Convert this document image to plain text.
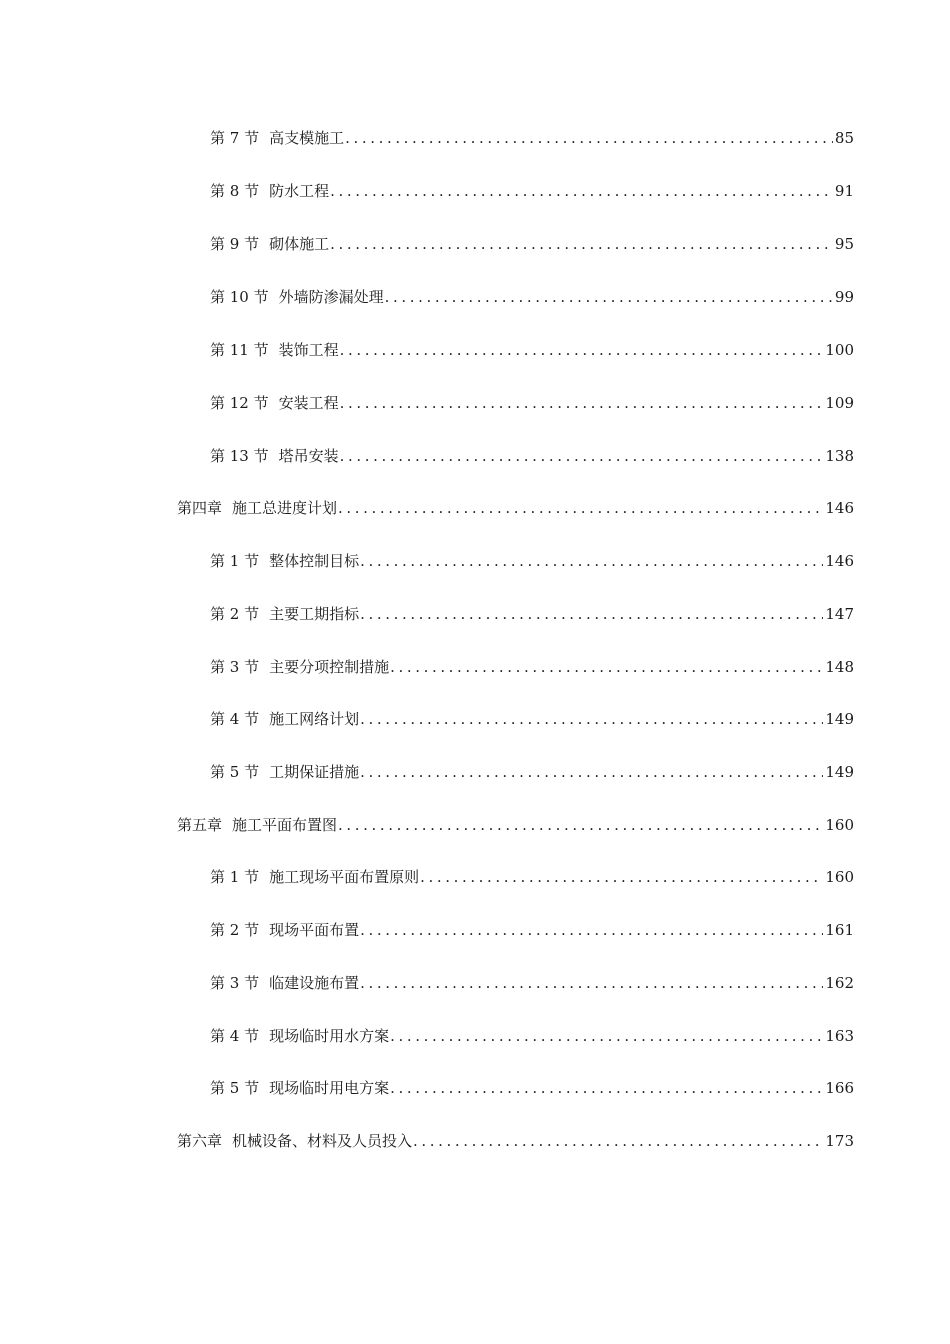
第 7 节 高支模施工 .....	85
第 8 节 防水工程 .....	91
第 9 节 砌体施工 .....	95
第 10 节 外墙防渗漏处理 .....	99
第 11 节 装饰工程 .....	100
第 12 节 安装工程 .....	109
第 13 节 塔吊安装 .....	138
第四章 施工总进度计划 .....	146
第 1 节 整体控制目标 .....	146
第 2 节 主要工期指标 .....	147
第 3 节 主要分项控制措施 .....	148
第 4 节 施工网络计划 .....	149
第 5 节 工期保证措施 .....	149
第五章 施工平面布置图 .....	160
第 1 节 施工现场平面布置原则 .....	160
第 2 节 现场平面布置 .....	161
第 3 节 临建设施布置 .....	162
第 4 节 现场临时用水方案 .....	163
第 5 节 现场临时用电方案 .....	166
第六章 机械设备、材料及人员投入 .....	173
